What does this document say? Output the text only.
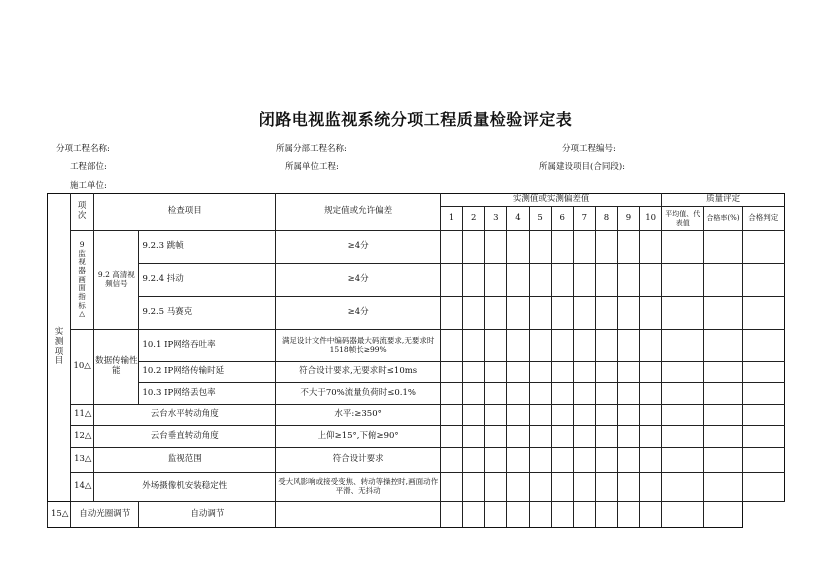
闭路电视监视系统分项工程质量检验评定表
分项工程名称:	所属分部工程名称:	分项工程编号:
工程部位:	所属单位工程:	所属建设项目(合同段):
施工单位:
实测项目	项次	检查项目		规定值或允许偏差	实测值或实测偏差值										质量评定		
					1	2	3	4	5	6	7	8	9	10	平均值、代表值	合格率(%)	合格判定
	9 监视器画面指标△	9.2 高清视频信号	9.2.3 跳帧	≥4分													
			9.2.4 抖动	≥4分													
			9.2.5 马赛克	≥4分													
	10△	数据传输性能	10.1 IP网络吞吐率	满足设计文件中编码器最大码流要求,无要求时1518帧长≥99%													
			10.2 IP网络传输时延	符合设计要求,无要求时≤10ms													
			10.3 IP网络丢包率	不大于70%流量负荷时≤0.1%													
	11△	云台水平转动角度		水平:≥350°													
	12△	云台垂直转动角度		上仰≥15°,下俯≥90°													
	13△	监视范围		符合设计要求													
	14△	外场摄像机安装稳定性		受大风影响或接受变焦、转动等操控时,画面动作平滑、无抖动													
15△	自动光圈调节		自动调节														
